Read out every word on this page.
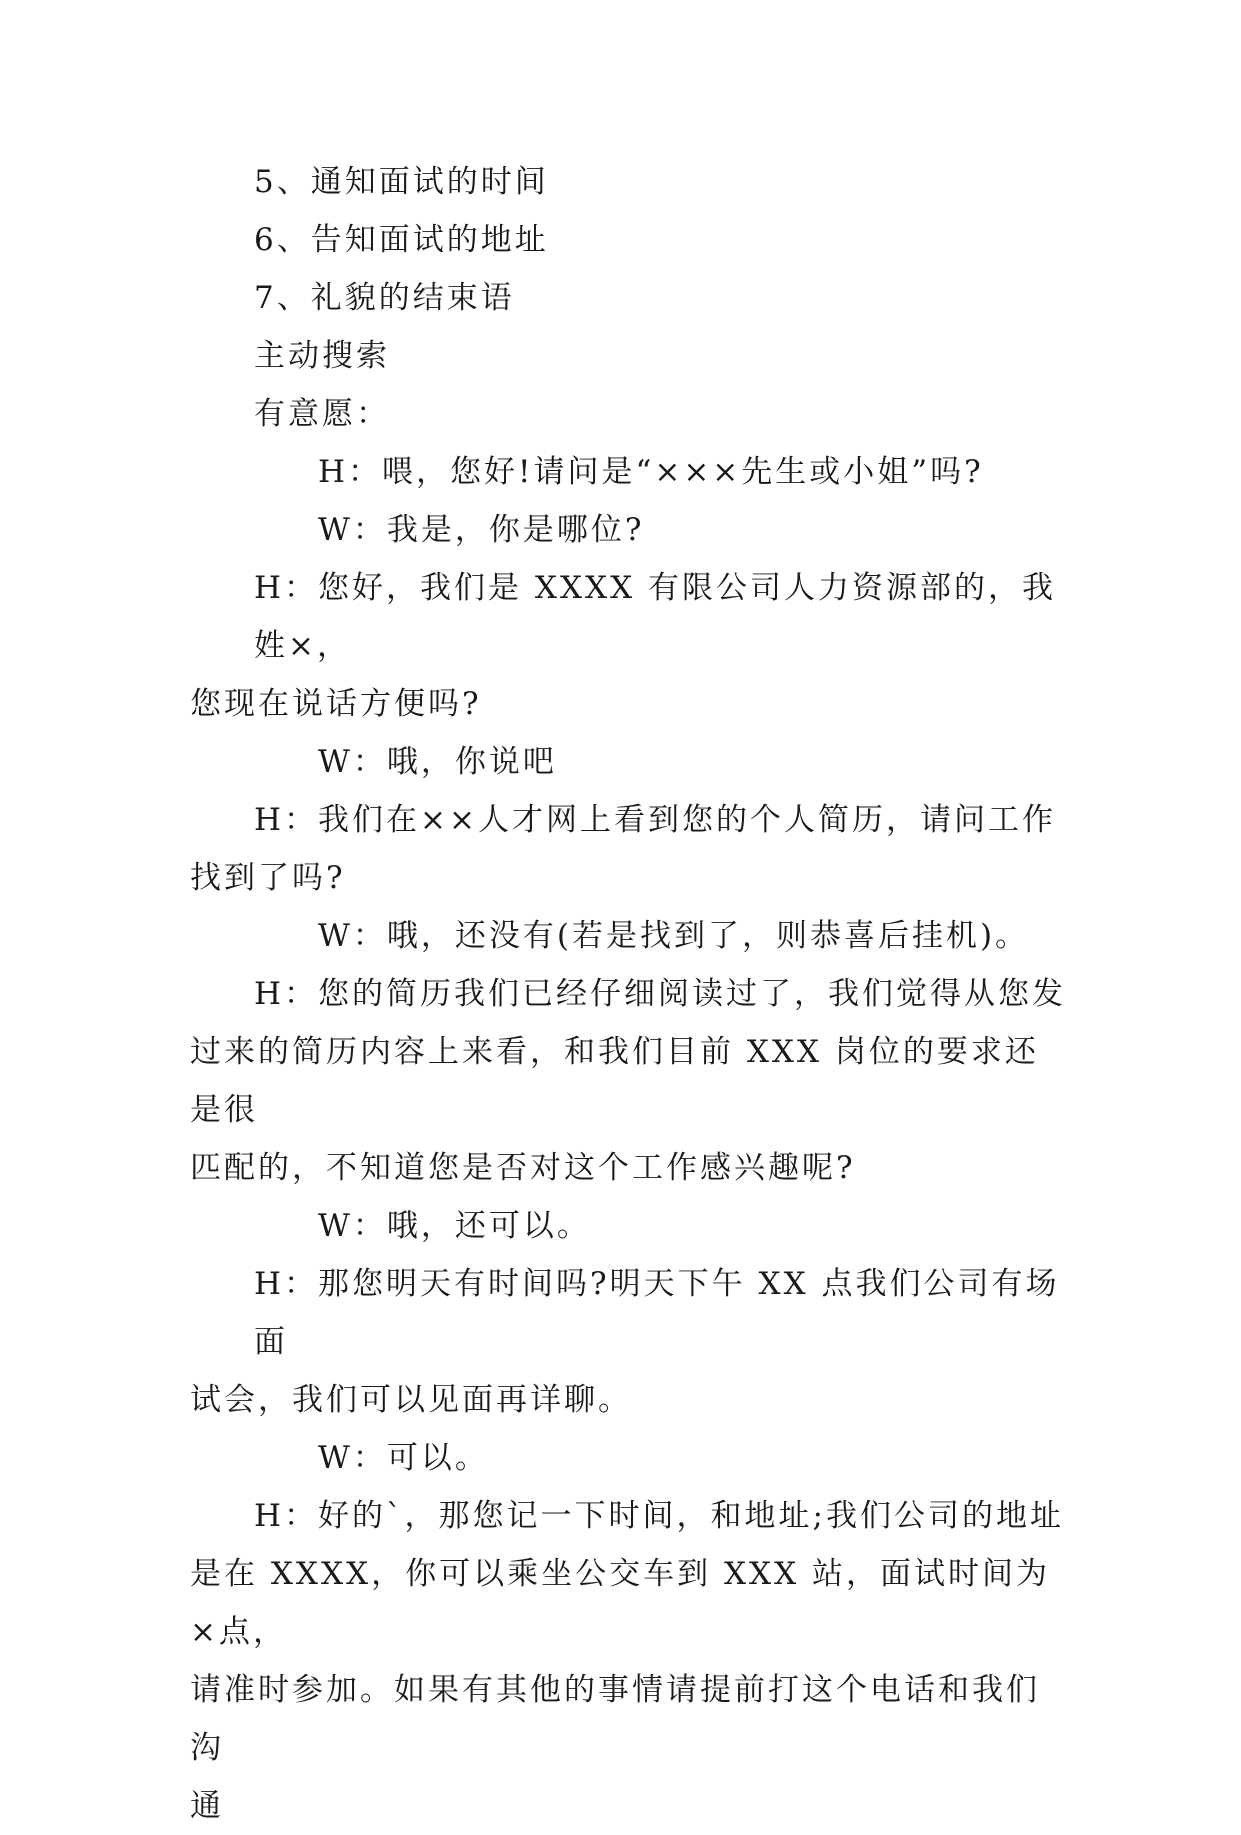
5、通知面试的时间
6、告知面试的地址
7、礼貌的结束语
主动搜索
有意愿：
H：喂，您好!请问是“×××先生或小姐”吗?
W：我是，你是哪位?
H：您好，我们是 XXXX 有限公司人力资源部的，我姓×，
您现在说话方便吗?
W：哦，你说吧
H：我们在××人才网上看到您的个人简历，请问工作
找到了吗?
W：哦，还没有(若是找到了，则恭喜后挂机)。
H：您的简历我们已经仔细阅读过了，我们觉得从您发
过来的简历内容上来看，和我们目前 XXX 岗位的要求还是很
匹配的，不知道您是否对这个工作感兴趣呢?
W：哦，还可以。
H：那您明天有时间吗?明天下午 XX 点我们公司有场面
试会，我们可以见面再详聊。
W：可以。
H：好的`，那您记一下时间，和地址;我们公司的地址
是在 XXXX，你可以乘坐公交车到 XXX 站，面试时间为×点，
请准时参加。如果有其他的事情请提前打这个电话和我们沟
通
